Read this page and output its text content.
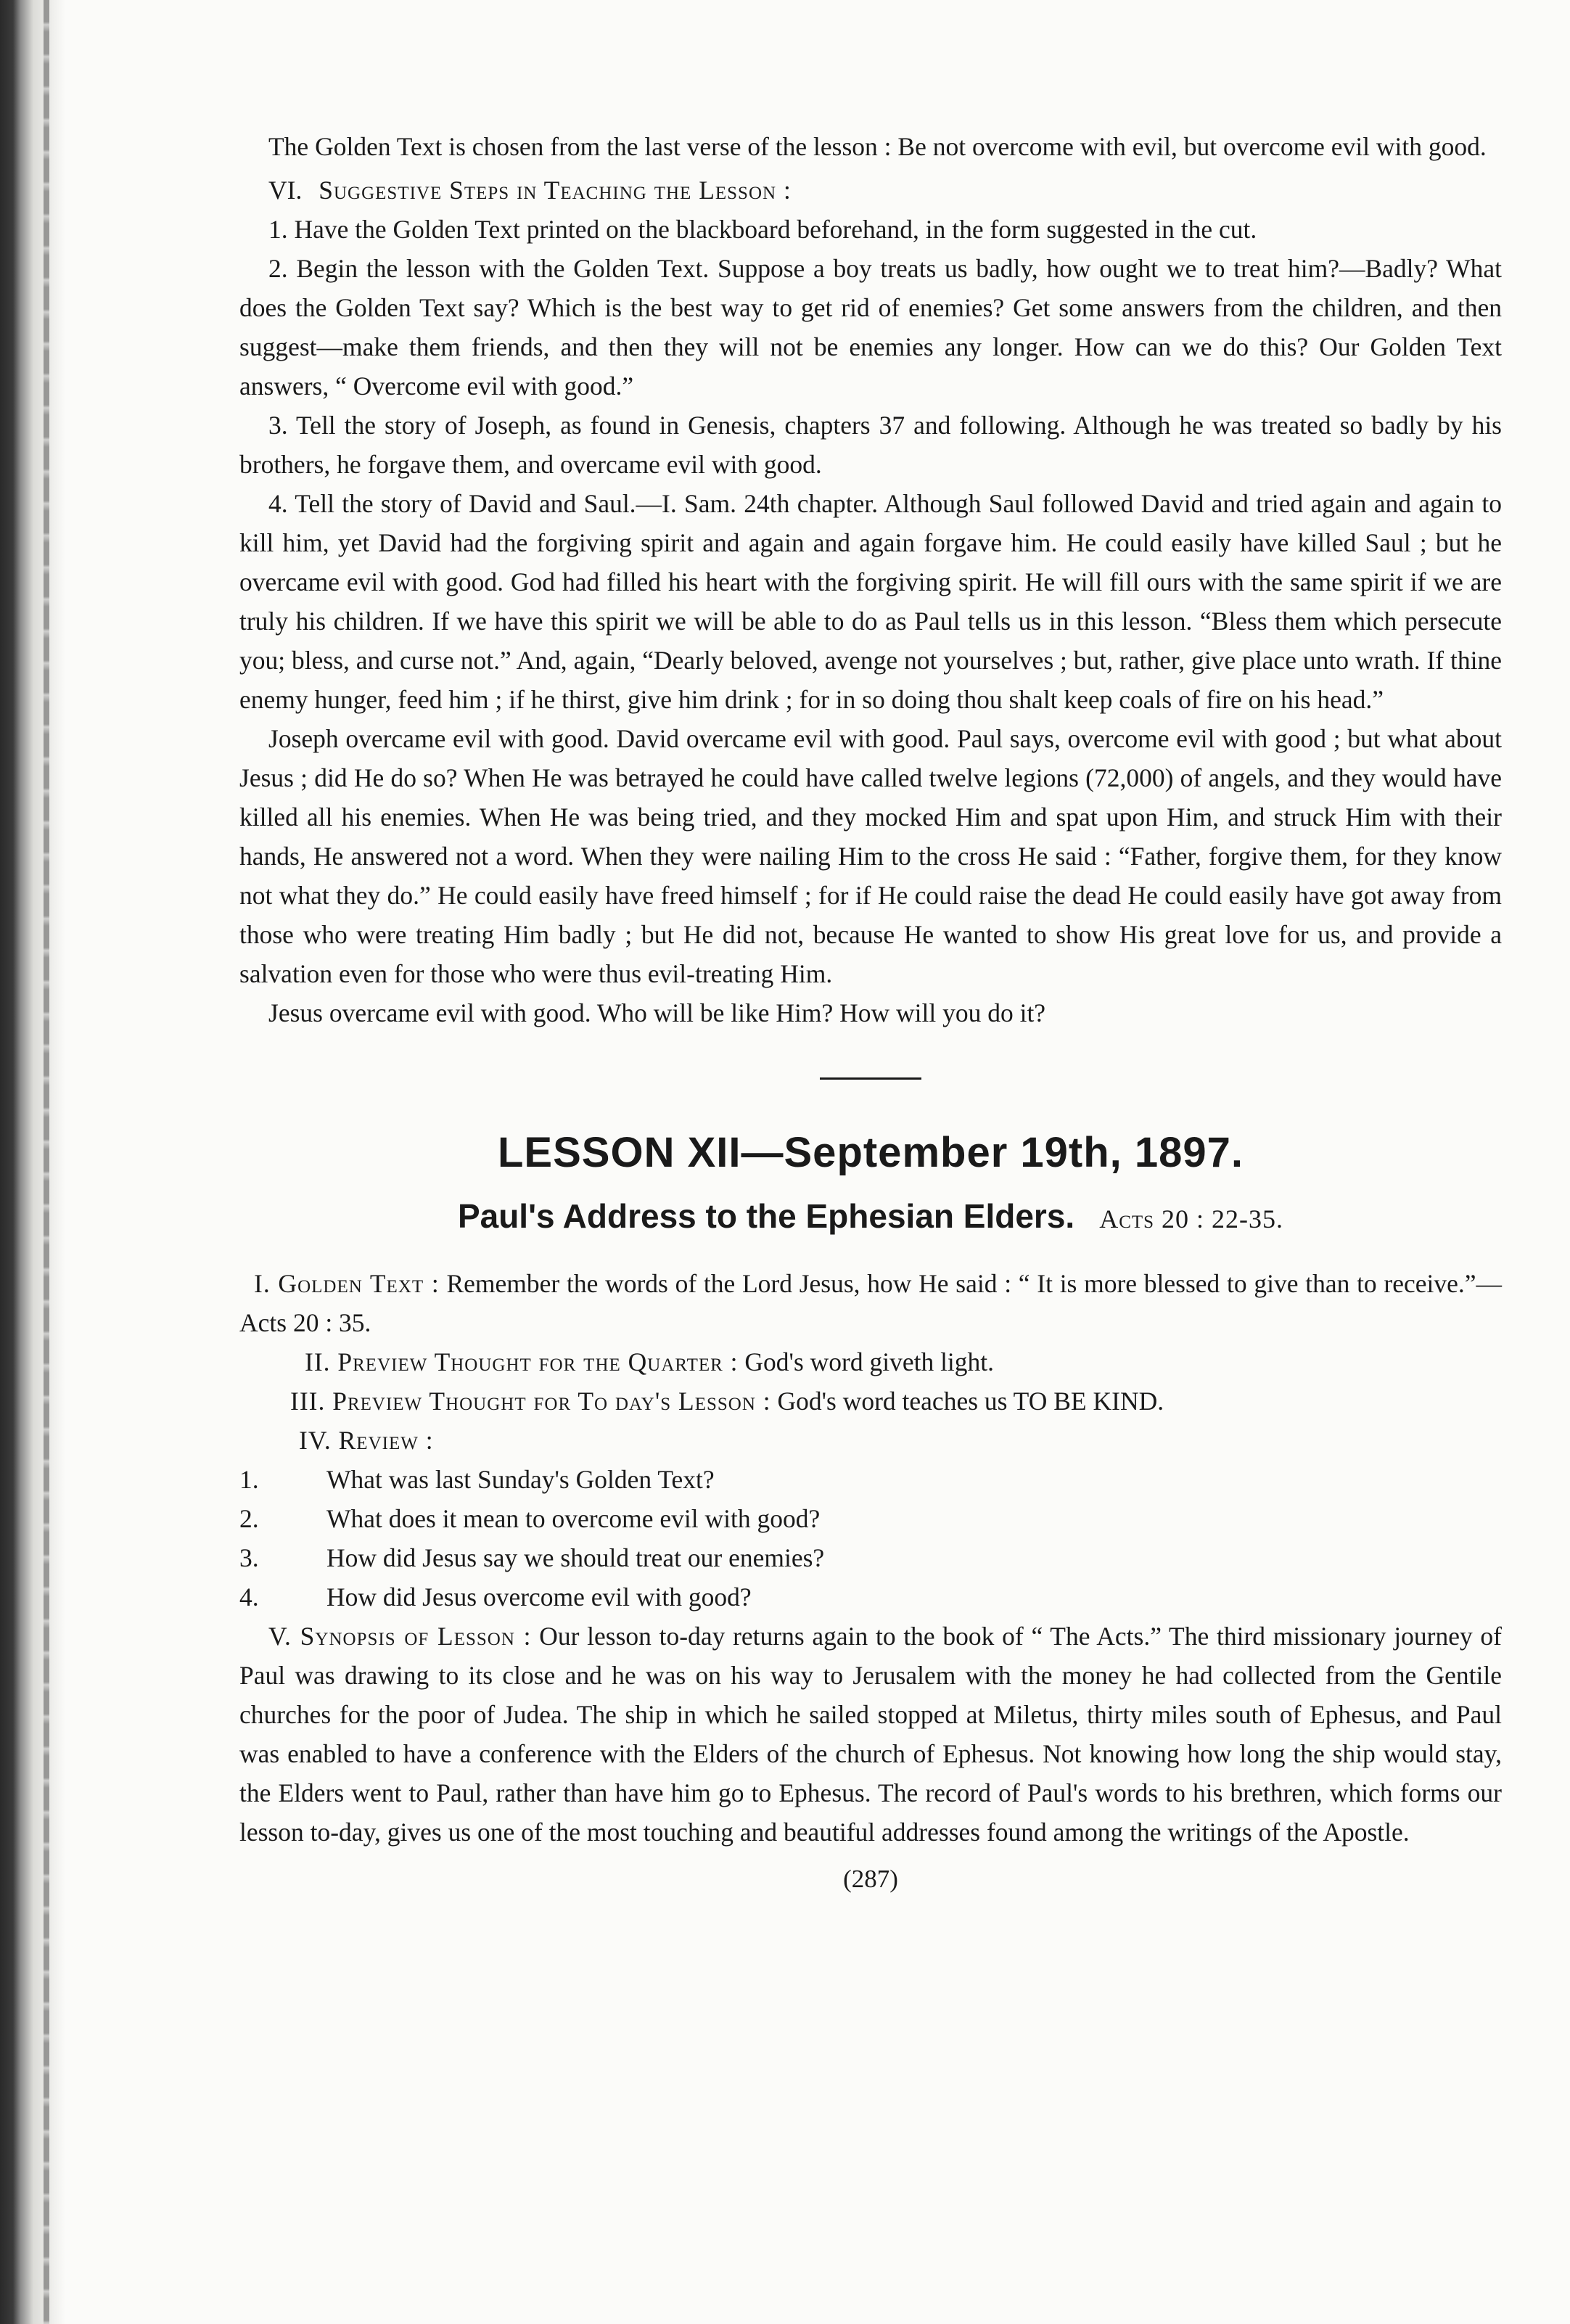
The Golden Text is chosen from the last verse of the lesson : Be not overcome with evil, but overcome evil with good.

VI. Suggestive Steps in Teaching the Lesson :

1. Have the Golden Text printed on the blackboard beforehand, in the form suggested in the cut.

2. Begin the lesson with the Golden Text. Suppose a boy treats us badly, how ought we to treat him?—Badly? What does the Golden Text say? Which is the best way to get rid of enemies? Get some answers from the children, and then suggest—make them friends, and then they will not be enemies any longer. How can we do this? Our Golden Text answers, “ Overcome evil with good.”

3. Tell the story of Joseph, as found in Genesis, chapters 37 and following. Although he was treated so badly by his brothers, he forgave them, and overcame evil with good.

4. Tell the story of David and Saul.—I. Sam. 24th chapter. Although Saul followed David and tried again and again to kill him, yet David had the forgiving spirit and again and again forgave him. He could easily have killed Saul ; but he overcame evil with good. God had filled his heart with the forgiving spirit. He will fill ours with the same spirit if we are truly his children. If we have this spirit we will be able to do as Paul tells us in this lesson. “Bless them which persecute you; bless, and curse not.” And, again, “Dearly beloved, avenge not yourselves ; but, rather, give place unto wrath. If thine enemy hunger, feed him ; if he thirst, give him drink ; for in so doing thou shalt keep coals of fire on his head.”

Joseph overcame evil with good. David overcame evil with good. Paul says, overcome evil with good ; but what about Jesus ; did He do so? When He was betrayed he could have called twelve legions (72,000) of angels, and they would have killed all his enemies. When He was being tried, and they mocked Him and spat upon Him, and struck Him with their hands, He answered not a word. When they were nailing Him to the cross He said : “Father, forgive them, for they know not what they do.” He could easily have freed himself ; for if He could raise the dead He could easily have got away from those who were treating Him badly ; but He did not, because He wanted to show His great love for us, and provide a salvation even for those who were thus evil-treating Him.

Jesus overcame evil with good. Who will be like Him? How will you do it?

LESSON XII—September 19th, 1897.
Paul's Address to the Ephesian Elders. Acts 20 : 22-35.

I. Golden Text : Remember the words of the Lord Jesus, how He said : “ It is more blessed to give than to receive.”—Acts 20 : 35.

II. Preview Thought for the Quarter : God's word giveth light.

III. Preview Thought for To day's Lesson : God's word teaches us TO BE KIND.

IV. Review :

1.	What was last Sunday's Golden Text?

2.	What does it mean to overcome evil with good?

3.	How did Jesus say we should treat our enemies?

4.	How did Jesus overcome evil with good?

V. Synopsis of Lesson : Our lesson to-day returns again to the book of “ The Acts.” The third missionary journey of Paul was drawing to its close and he was on his way to Jerusalem with the money he had collected from the Gentile churches for the poor of Judea. The ship in which he sailed stopped at Miletus, thirty miles south of Ephesus, and Paul was enabled to have a conference with the Elders of the church of Ephesus. Not knowing how long the ship would stay, the Elders went to Paul, rather than have him go to Ephesus. The record of Paul's words to his brethren, which forms our lesson to-day, gives us one of the most touching and beautiful addresses found among the writings of the Apostle.

(287)
